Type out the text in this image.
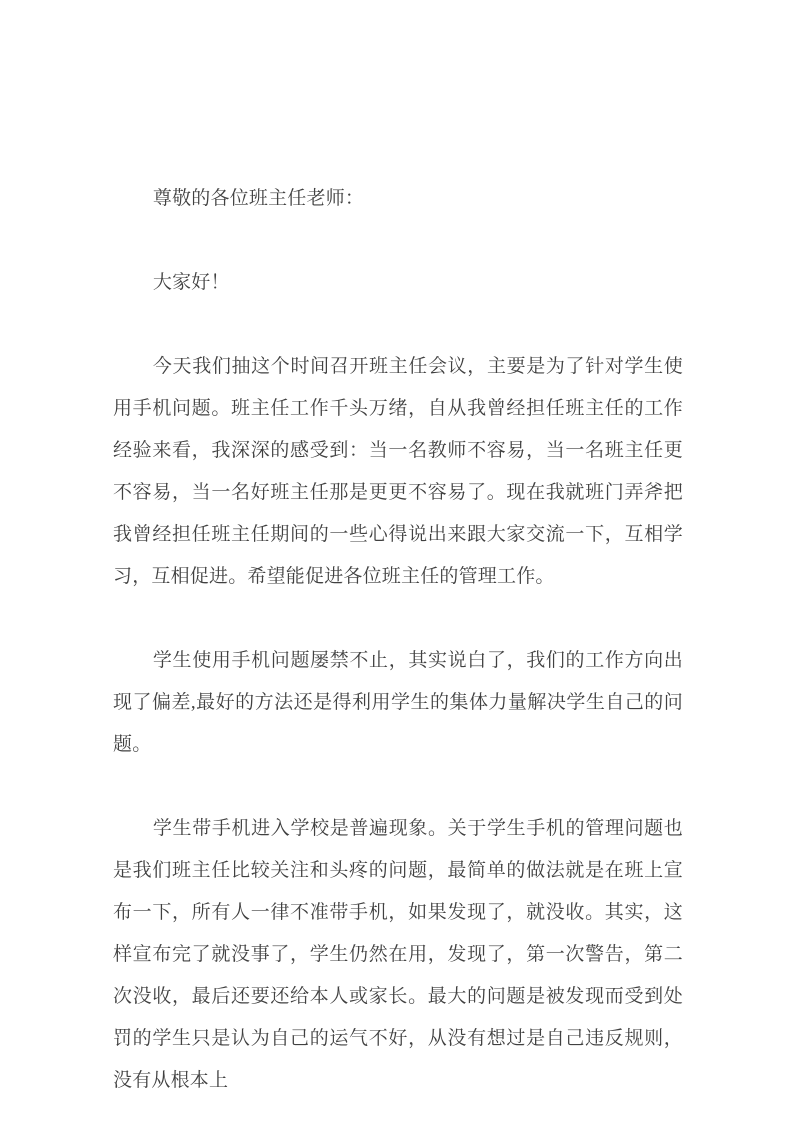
尊敬的各位班主任老师：

大家好！

今天我们抽这个时间召开班主任会议，主要是为了针对学生使用手机问题。班主任工作千头万绪，自从我曾经担任班主任的工作经验来看，我深深的感受到：当一名教师不容易，当一名班主任更不容易，当一名好班主任那是更更不容易了。现在我就班门弄斧把我曾经担任班主任期间的一些心得说出来跟大家交流一下，互相学习，互相促进。希望能促进各位班主任的管理工作。

学生使用手机问题屡禁不止，其实说白了，我们的工作方向出现了偏差,最好的方法还是得利用学生的集体力量解决学生自己的问题。

学生带手机进入学校是普遍现象。关于学生手机的管理问题也是我们班主任比较关注和头疼的问题，最简单的做法就是在班上宣布一下，所有人一律不准带手机，如果发现了，就没收。其实，这样宣布完了就没事了，学生仍然在用，发现了，第一次警告，第二次没收，最后还要还给本人或家长。最大的问题是被发现而受到处罚的学生只是认为自己的运气不好，从没有想过是自己违反规则，没有从根本上
